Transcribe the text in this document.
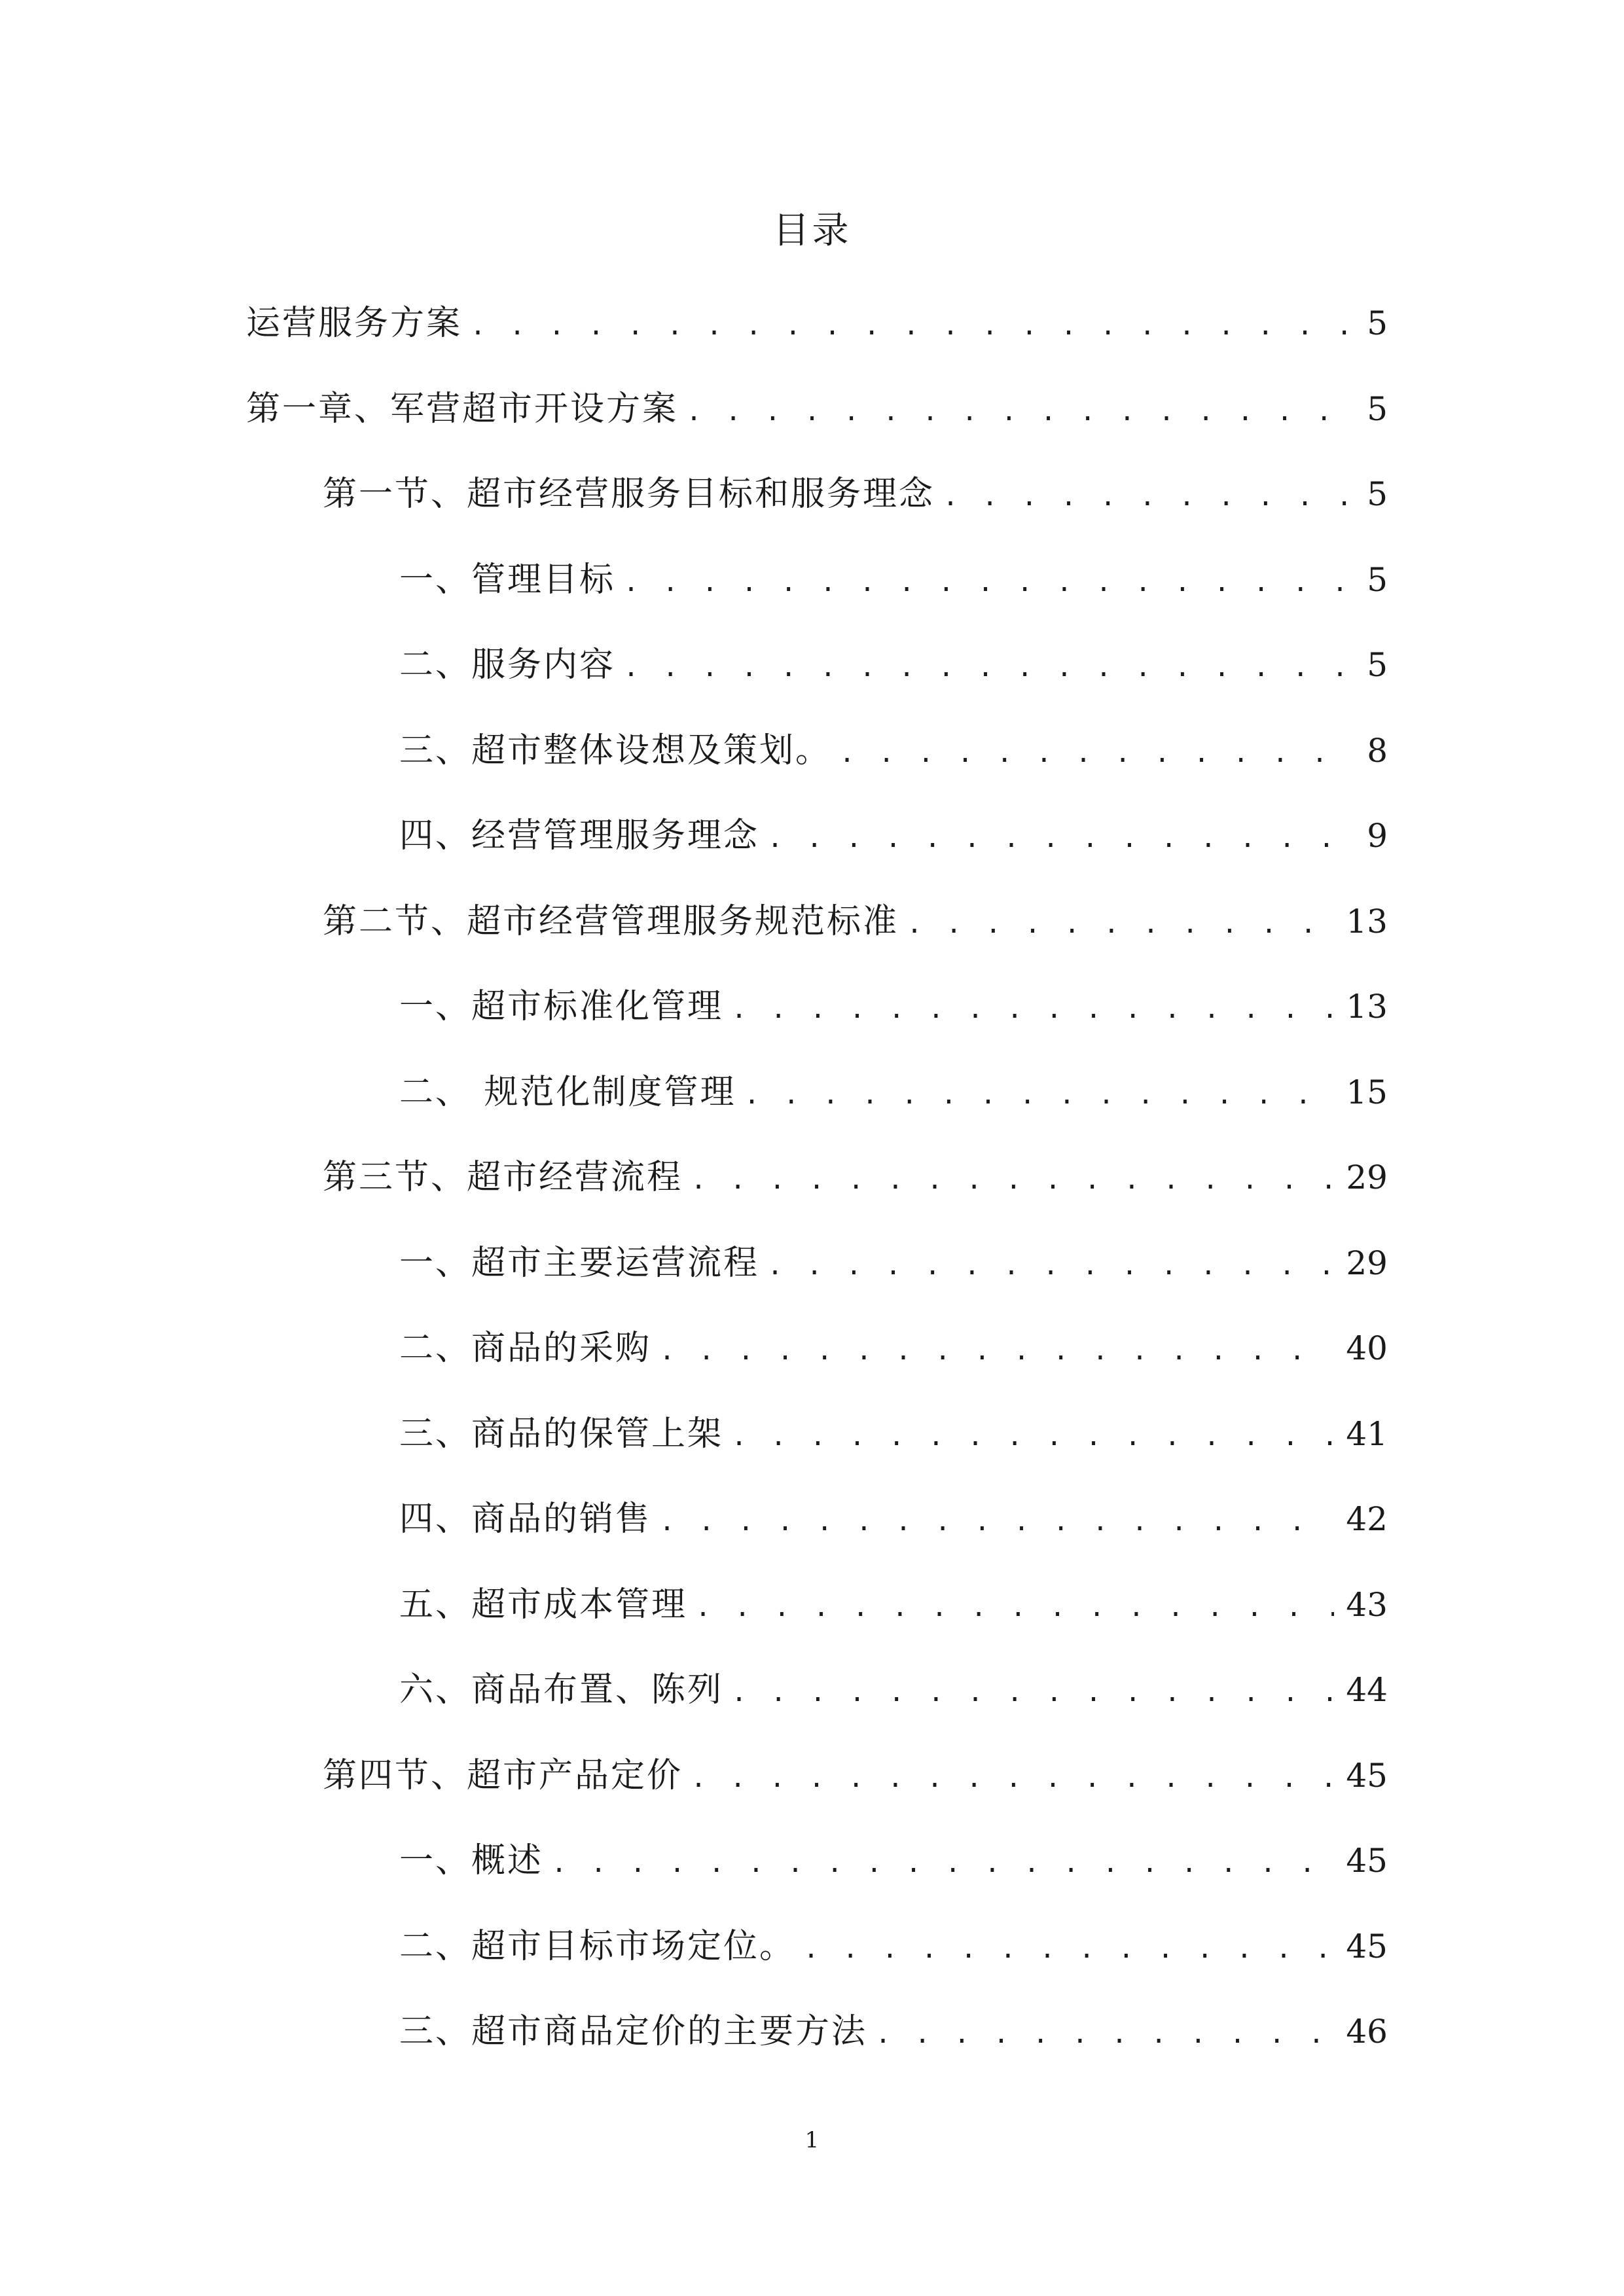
目录
运营服务方案 . . .	5
第一章、军营超市开设方案 . . .	5
第一节、超市经营服务目标和服务理念 . . .	5
一、管理目标 . . .	5
二、服务内容 . . .	5
三、超市整体设想及策划。 . . .	8
四、经营管理服务理念 . . .	9
第二节、超市经营管理服务规范标准 . . .	13
一、超市标准化管理 . . .	13
二、 规范化制度管理 . . .	15
第三节、超市经营流程 . . .	29
一、超市主要运营流程 . . .	29
二、商品的采购 . . .	40
三、商品的保管上架 . . .	41
四、商品的销售 . . .	42
五、超市成本管理 . . .	43
六、商品布置、陈列 . . .	44
第四节、超市产品定价 . . .	45
一、概述 . . .	45
二、超市目标市场定位。 . . .	45
三、超市商品定价的主要方法 . . .	46
1
